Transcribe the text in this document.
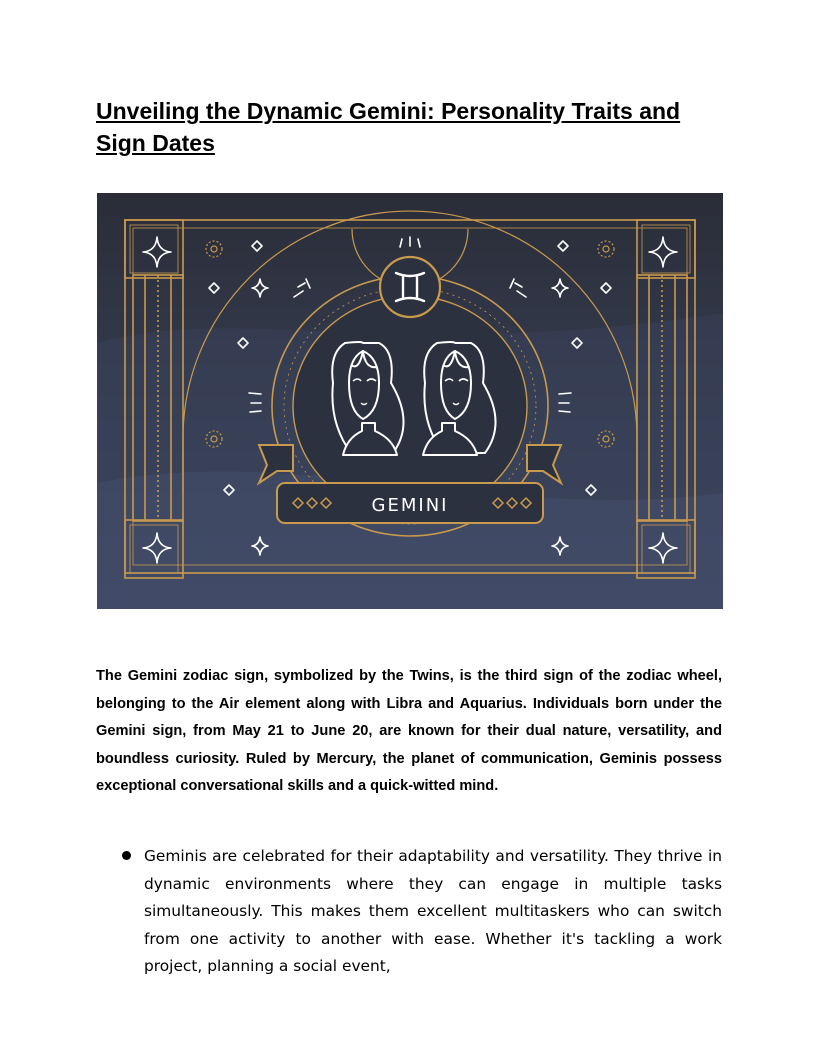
Unveiling the Dynamic Gemini: Personality Traits and Sign Dates
GEMINI

The Gemini zodiac sign, symbolized by the Twins, is the third sign of the zodiac wheel, belonging to the Air element along with Libra and Aquarius. Individuals born under the Gemini sign, from May 21 to June 20, are known for their dual nature, versatility, and boundless curiosity. Ruled by Mercury, the planet of communication, Geminis possess exceptional conversational skills and a quick-witted mind.

Geminis are celebrated for their adaptability and versatility. They thrive in dynamic environments where they can engage in multiple tasks simultaneously. This makes them excellent multitaskers who can switch from one activity to another with ease. Whether it's tackling a work project, planning a social event,
